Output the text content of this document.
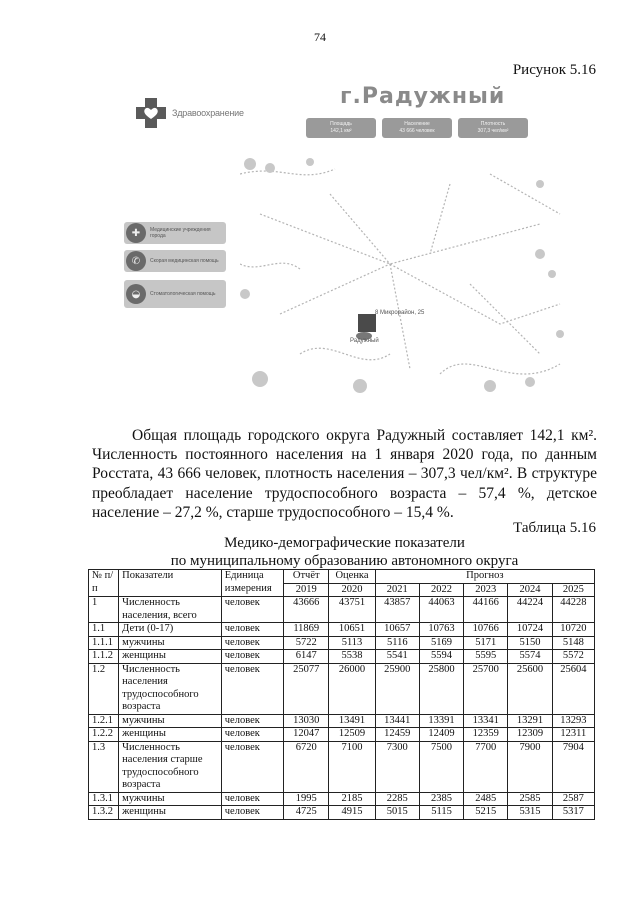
74
Рисунок 5.16
Здравоохранение
г.Радужный
Площадь
142,1 км²
Население
43 666 человек
Плотность
307,3 чел/км²
8 Микрорайон, 25
Радужный
✚	Медицинские учреждения города
✆	Скорая медицинская помощь
◒	Стоматологическая помощь

Общая площадь городского округа Радужный составляет 142,1 км². Численность постоянного населения на 1 января 2020 года, по данным Росстата, 43 666 человек, плотность населения – 307,3 чел/км². В структуре преобладает население трудоспособного возраста – 57,4 %, детское население – 27,2 %, старше трудоспособного – 15,4 %.

Таблица 5.16
Медико-демографические показатели
по муниципальному образованию автономного округа
№ п/п	Показатели	Единица измерения	Отчёт	Оценка	Прогноз				
			2019	2020	2021	2022	2023	2024	2025
1	Численность населения, всего	человек	43666	43751	43857	44063	44166	44224	44228
1.1	Дети (0-17)	человек	11869	10651	10657	10763	10766	10724	10720
1.1.1	мужчины	человек	5722	5113	5116	5169	5171	5150	5148
1.1.2	женщины	человек	6147	5538	5541	5594	5595	5574	5572
1.2	Численность населения трудоспособного возраста	человек	25077	26000	25900	25800	25700	25600	25604
1.2.1	мужчины	человек	13030	13491	13441	13391	13341	13291	13293
1.2.2	женщины	человек	12047	12509	12459	12409	12359	12309	12311
1.3	Численность населения старше трудоспособного возраста	человек	6720	7100	7300	7500	7700	7900	7904
1.3.1	мужчины	человек	1995	2185	2285	2385	2485	2585	2587
1.3.2	женщины	человек	4725	4915	5015	5115	5215	5315	5317
